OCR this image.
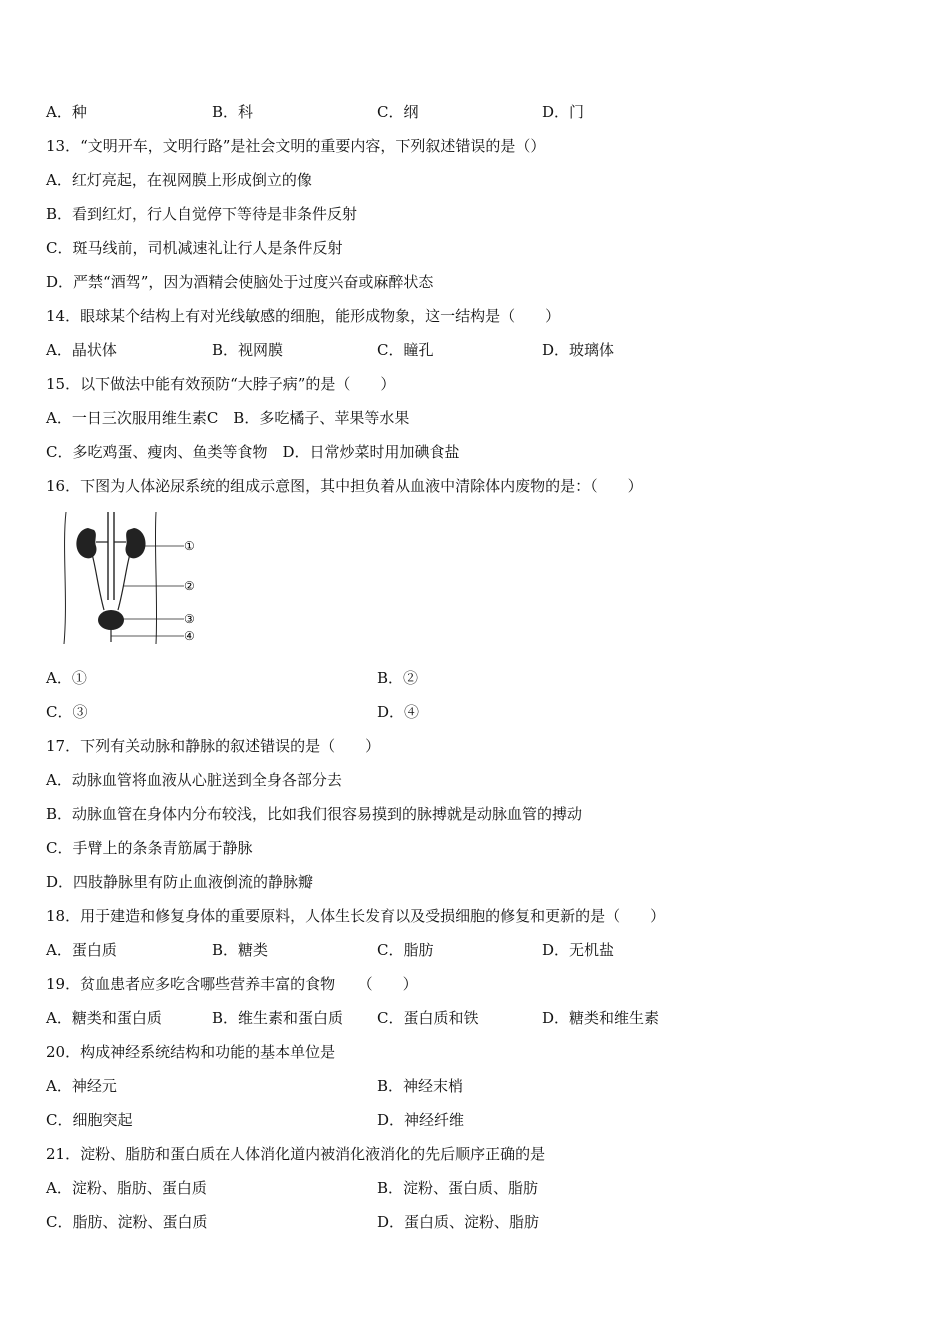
A．种	B．科	C．纲	D．门
13．“文明开车，文明行路”是社会文明的重要内容，下列叙述错误的是（）
A．红灯亮起，在视网膜上形成倒立的像
B．看到红灯，行人自觉停下等待是非条件反射
C．斑马线前，司机减速礼让行人是条件反射
D．严禁“酒驾”，因为酒精会使脑处于过度兴奋或麻醉状态
14．眼球某个结构上有对光线敏感的细胞，能形成物象，这一结构是（　　）
A．晶状体	B．视网膜	C．瞳孔	D．玻璃体
15．以下做法中能有效预防“大脖子病”的是（　　）
A．一日三次服用维生素C　B．多吃橘子、苹果等水果
C．多吃鸡蛋、瘦肉、鱼类等食物　D．日常炒菜时用加碘食盐
16．下图为人体泌尿系统的组成示意图，其中担负着从血液中清除体内废物的是：（　　）
①
②
③
④
A．①	B．②
C．③	D．④
17．下列有关动脉和静脉的叙述错误的是（　　）
A．动脉血管将血液从心脏送到全身各部分去
B．动脉血管在身体内分布较浅，比如我们很容易摸到的脉搏就是动脉血管的搏动
C．手臂上的条条青筋属于静脉
D．四肢静脉里有防止血液倒流的静脉瓣
18．用于建造和修复身体的重要原料，人体生长发育以及受损细胞的修复和更新的是（　　）
A．蛋白质	B．糖类	C．脂肪	D．无机盐
19．贫血患者应多吃含哪些营养丰富的食物　　（　　）
A．糖类和蛋白质	B．维生素和蛋白质 C．蛋白质和铁	D．糖类和维生素
20．构成神经系统结构和功能的基本单位是
A．神经元	B．神经末梢
C．细胞突起	D．神经纤维
21．淀粉、脂肪和蛋白质在人体消化道内被消化液消化的先后顺序正确的是
A．淀粉、脂肪、蛋白质	B．淀粉、蛋白质、脂肪
C．脂肪、淀粉、蛋白质	D．蛋白质、淀粉、脂肪
